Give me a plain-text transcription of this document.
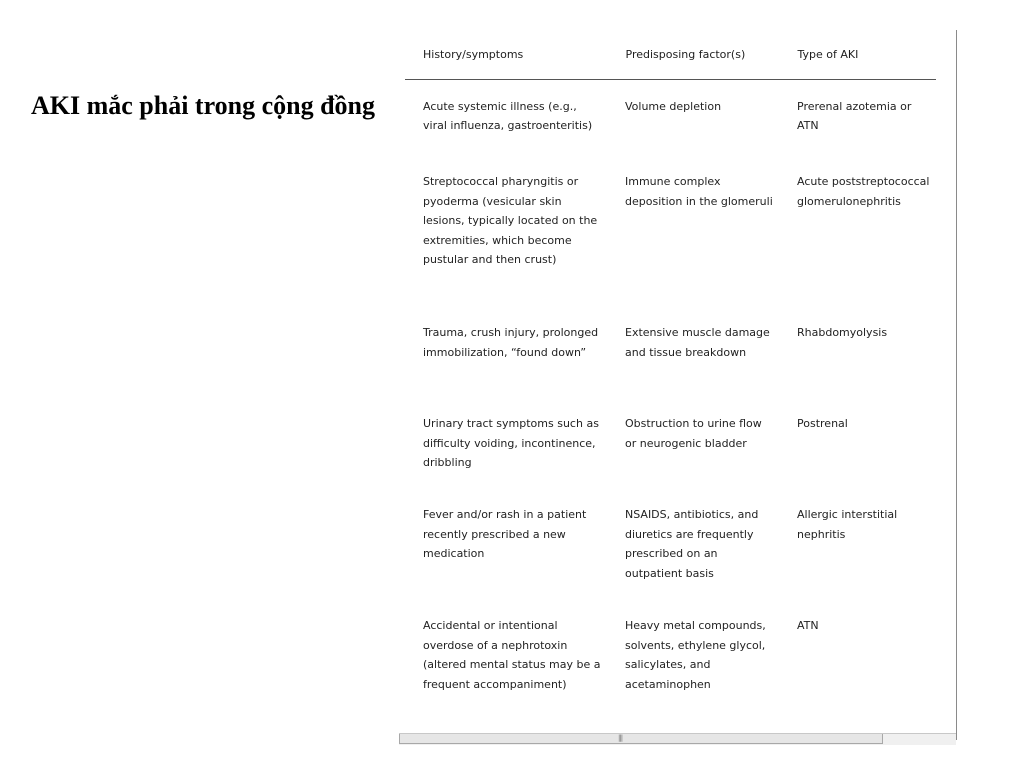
AKI mắc phải trong cộng đồng
History/symptoms	Predisposing factor(s)	Type of AKI
Acute systemic illness (e.g., viral influenza, gastroenteritis)	Volume depletion	Prerenal azotemia or ATN
Streptococcal pharyngitis or pyoderma (vesicular skin lesions, typically located on the extremities, which become pustular and then crust)	Immune complex deposition in the glomeruli	Acute poststreptococcal glomerulonephritis
Trauma, crush injury, prolonged immobilization, “found down”	Extensive muscle damage and tissue breakdown	Rhabdomyolysis
Urinary tract symptoms such as difficulty voiding, incontinence, dribbling	Obstruction to urine flow or neurogenic bladder	Postrenal
Fever and/or rash in a patient recently prescribed a new medication	NSAIDS, antibiotics, and diuretics are frequently prescribed on an outpatient basis	Allergic interstitial nephritis
Accidental or intentional overdose of a nephrotoxin (altered mental status may be a frequent accompaniment)	Heavy metal compounds, solvents, ethylene glycol, salicylates, and acetaminophen	ATN
|||
